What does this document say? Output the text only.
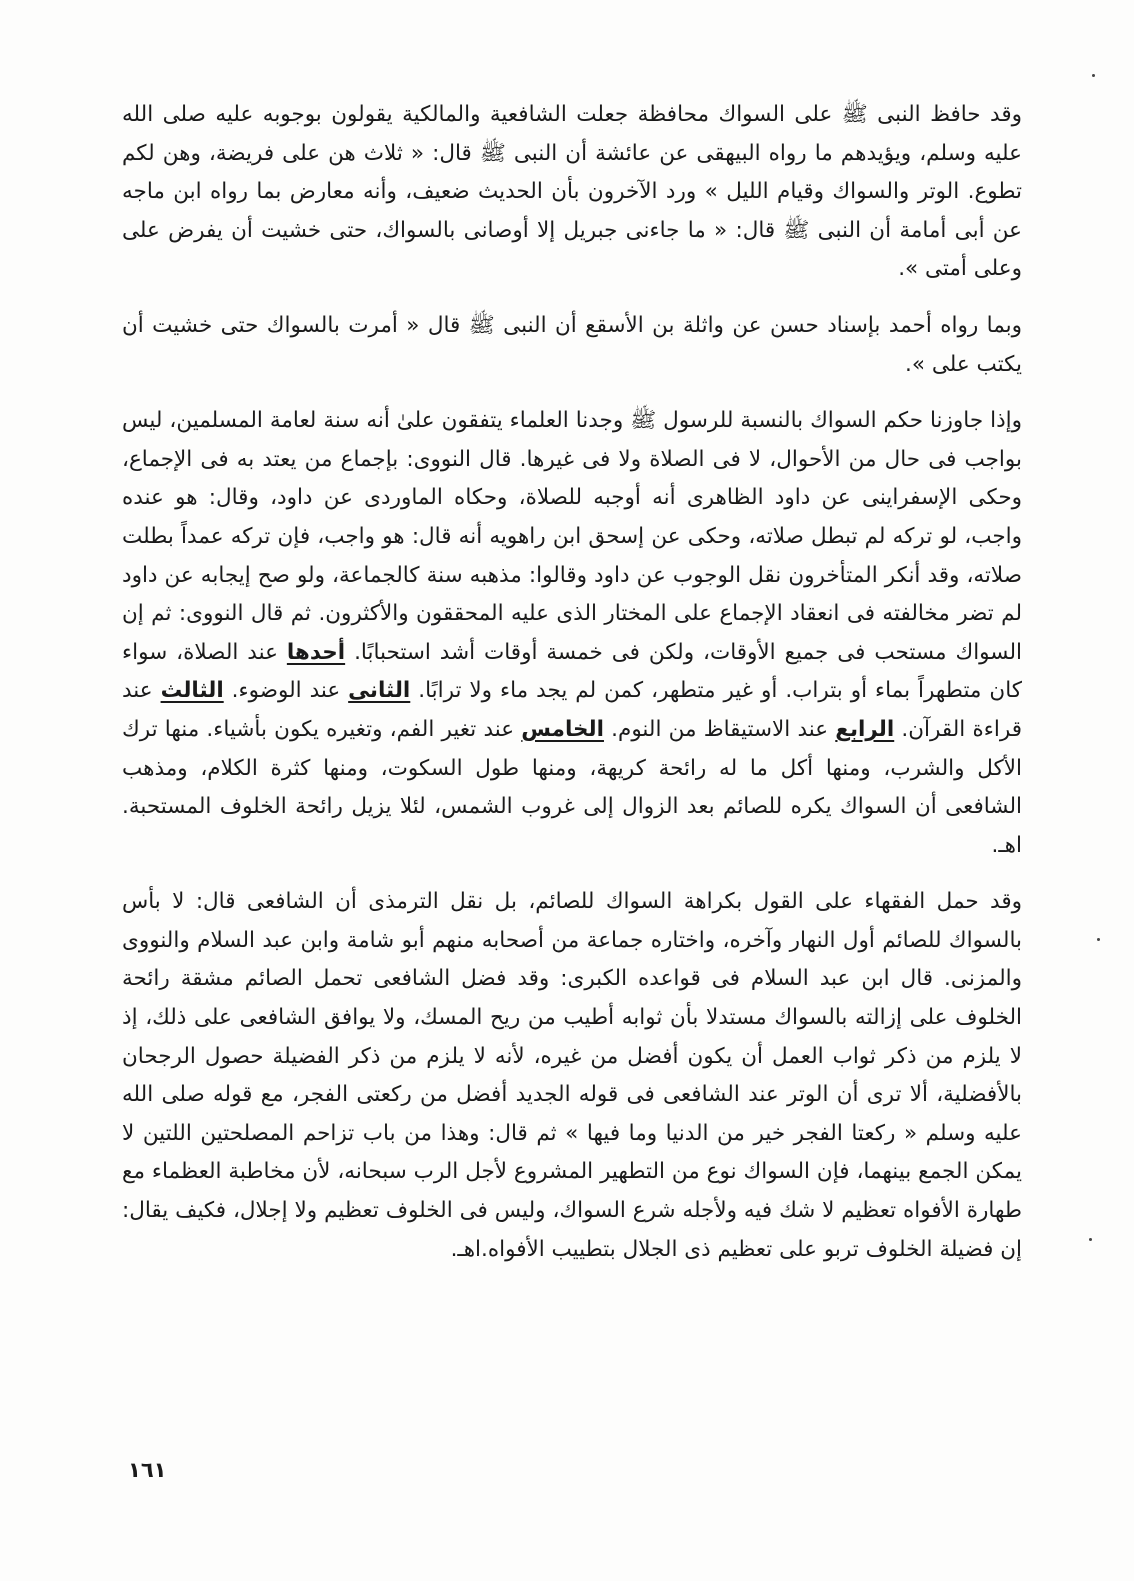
وقد حافظ النبى ﷺ على السواك محافظة جعلت الشافعية والمالكية يقولون بوجوبه عليه صلى الله عليه وسلم، ويؤيدهم ما رواه البيهقى عن عائشة أن النبى ﷺ قال: « ثلاث هن على فريضة، وهن لكم تطوع. الوتر والسواك وقيام الليل » ورد الآخرون بأن الحديث ضعيف، وأنه معارض بما رواه ابن ماجه عن أبى أمامة أن النبى ﷺ قال: « ما جاءنى جبريل إلا أوصانى بالسواك، حتى خشيت أن يفرض على وعلى أمتى ».

وبما رواه أحمد بإسناد حسن عن واثلة بن الأسقع أن النبى ﷺ قال « أمرت بالسواك حتى خشيت أن يكتب على ».

وإذا جاوزنا حكم السواك بالنسبة للرسول ﷺ وجدنا العلماء يتفقون علىٰ أنه سنة لعامة المسلمين، ليس بواجب فى حال من الأحوال، لا فى الصلاة ولا فى غيرها. قال النووى: بإجماع من يعتد به فى الإجماع، وحكى الإسفراينى عن داود الظاهرى أنه أوجبه للصلاة، وحكاه الماوردى عن داود، وقال: هو عنده واجب، لو تركه لم تبطل صلاته، وحكى عن إسحق ابن راهويه أنه قال: هو واجب، فإن تركه عمداً بطلت صلاته، وقد أنكر المتأخرون نقل الوجوب عن داود وقالوا: مذهبه سنة كالجماعة، ولو صح إيجابه عن داود لم تضر مخالفته فى انعقاد الإجماع على المختار الذى عليه المحققون والأكثرون. ثم قال النووى: ثم إن السواك مستحب فى جميع الأوقات، ولكن فى خمسة أوقات أشد استحبابًا. أحدها عند الصلاة، سواء كان متطهراً بماء أو بتراب. أو غير متطهر، كمن لم يجد ماء ولا ترابًا. الثانى عند الوضوء. الثالث عند قراءة القرآن. الرابع عند الاستيقاظ من النوم. الخامس عند تغير الفم، وتغيره يكون بأشياء. منها ترك الأكل والشرب، ومنها أكل ما له رائحة كريهة، ومنها طول السكوت، ومنها كثرة الكلام، ومذهب الشافعى أن السواك يكره للصائم بعد الزوال إلى غروب الشمس، لئلا يزيل رائحة الخلوف المستحبة. اهـ.

وقد حمل الفقهاء على القول بكراهة السواك للصائم، بل نقل الترمذى أن الشافعى قال: لا بأس بالسواك للصائم أول النهار وآخره، واختاره جماعة من أصحابه منهم أبو شامة وابن عبد السلام والنووى والمزنى. قال ابن عبد السلام فى قواعده الكبرى: وقد فضل الشافعى تحمل الصائم مشقة رائحة الخلوف على إزالته بالسواك مستدلا بأن ثوابه أطيب من ريح المسك، ولا يوافق الشافعى على ذلك، إذ لا يلزم من ذكر ثواب العمل أن يكون أفضل من غيره، لأنه لا يلزم من ذكر الفضيلة حصول الرجحان بالأفضلية، ألا ترى أن الوتر عند الشافعى فى قوله الجديد أفضل من ركعتى الفجر، مع قوله صلى الله عليه وسلم « ركعتا الفجر خير من الدنيا وما فيها » ثم قال: وهذا من باب تزاحم المصلحتين اللتين لا يمكن الجمع بينهما، فإن السواك نوع من التطهير المشروع لأجل الرب سبحانه، لأن مخاطبة العظماء مع طهارة الأفواه تعظيم لا شك فيه ولأجله شرع السواك، وليس فى الخلوف تعظيم ولا إجلال، فكيف يقال: إن فضيلة الخلوف تربو على تعظيم ذى الجلال بتطييب الأفواه.اهـ.

١٦١
